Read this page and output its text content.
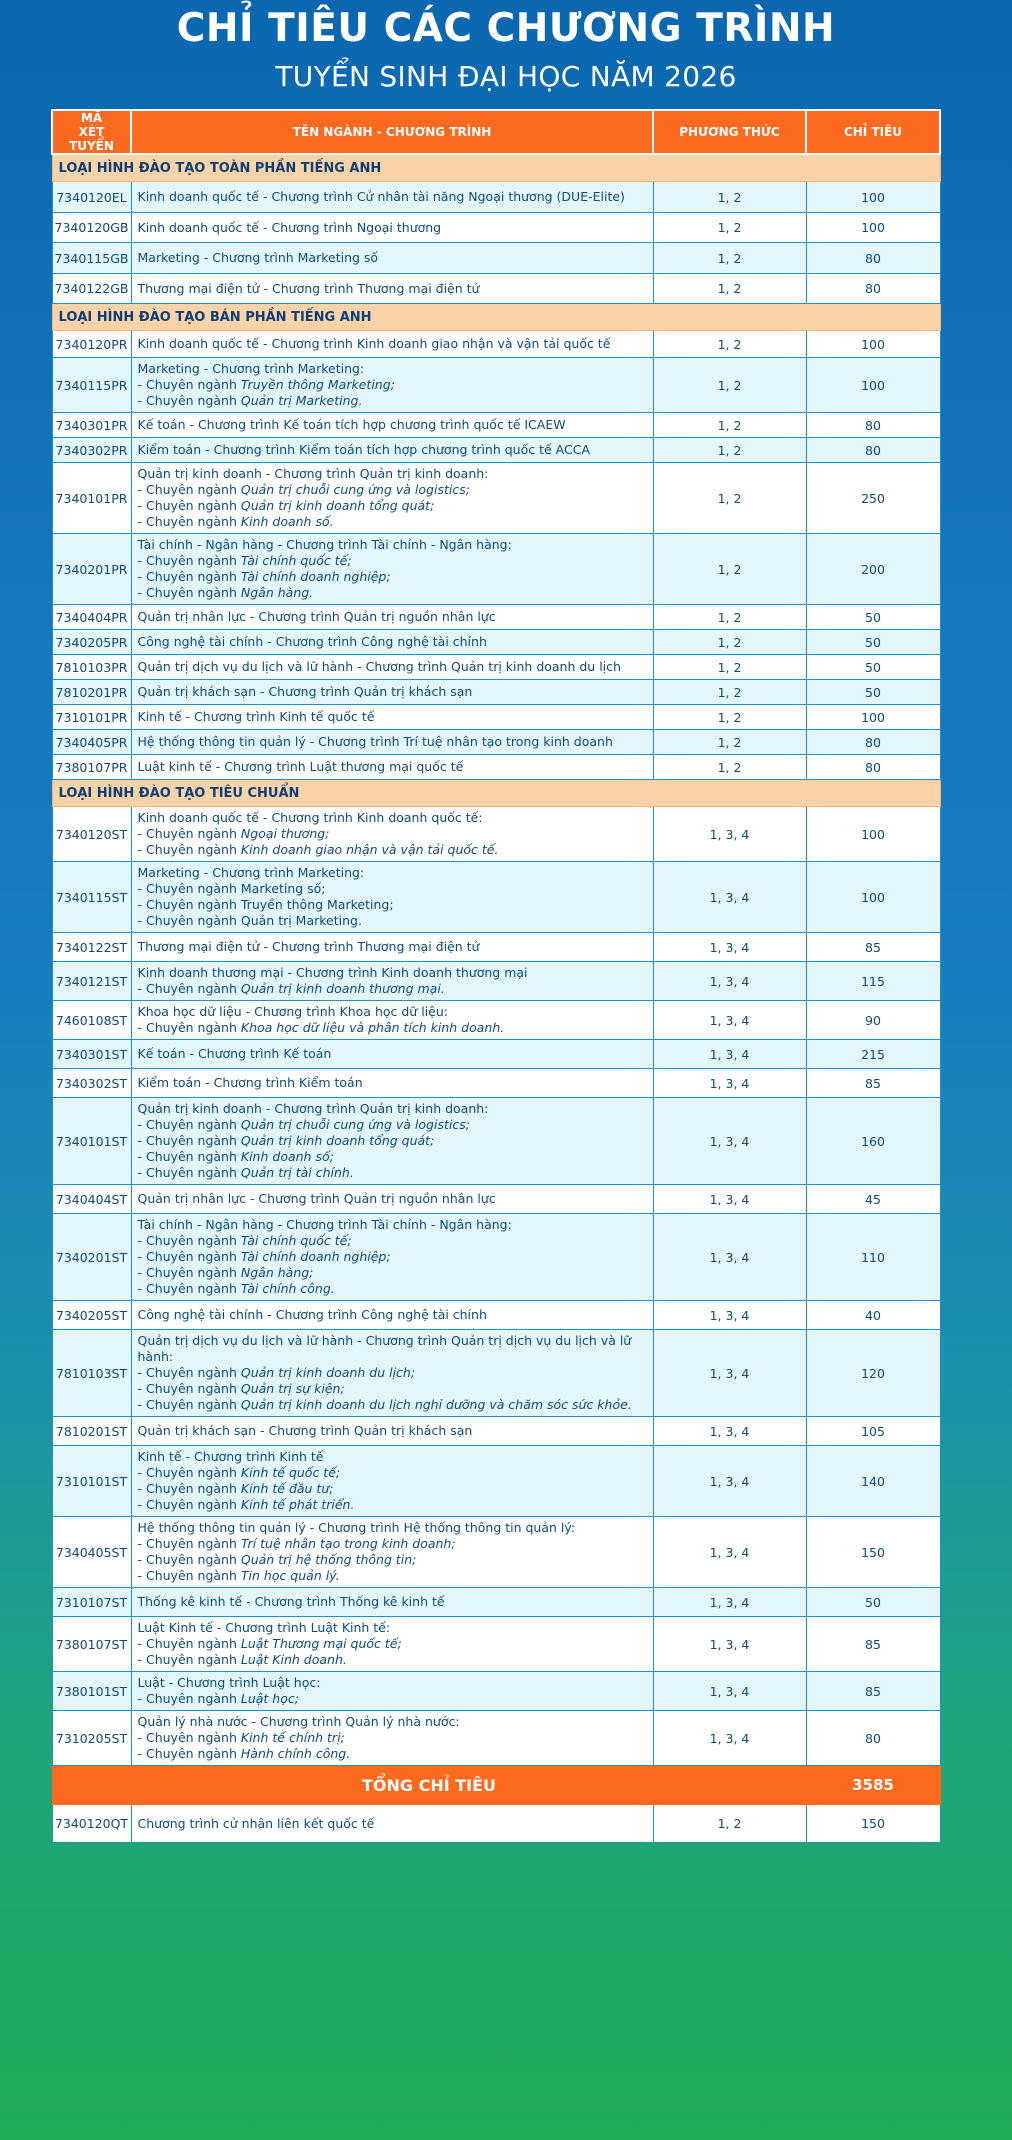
CHỈ TIÊU CÁC CHƯƠNG TRÌNH
TUYỂN SINH ĐẠI HỌC NĂM 2026
MÃ
XÉT TUYỂN	TÊN NGÀNH - CHƯƠNG TRÌNH	PHƯƠNG THỨC	CHỈ TIÊU
LOẠI HÌNH ĐÀO TẠO TOÀN PHẦN TIẾNG ANH			
7340120EL	Kinh doanh quốc tế - Chương trình Cử nhân tài năng Ngoại thương (DUE-Elite)	1, 2	100
7340120GB	Kinh doanh quốc tế - Chương trình Ngoại thương	1, 2	100
7340115GB	Marketing - Chương trình Marketing số	1, 2	80
7340122GB	Thương mại điện tử - Chương trình Thương mại điện tử	1, 2	80
LOẠI HÌNH ĐÀO TẠO BÁN PHẦN TIẾNG ANH			
7340120PR	Kinh doanh quốc tế - Chương trình Kinh doanh giao nhận và vận tải quốc tế	1, 2	100
7340115PR	Marketing - Chương trình Marketing:
- Chuyên ngành Truyền thông Marketing;
- Chuyên ngành Quản trị Marketing.	1, 2	100
7340301PR	Kế toán - Chương trình Kế toán tích hợp chương trình quốc tế ICAEW	1, 2	80
7340302PR	Kiểm toán - Chương trình Kiểm toán tích hợp chương trình quốc tế ACCA	1, 2	80
7340101PR	Quản trị kinh doanh - Chương trình Quản trị kinh doanh:
- Chuyên ngành Quản trị chuỗi cung ứng và logistics;
- Chuyên ngành Quản trị kinh doanh tổng quát;
- Chuyên ngành Kinh doanh số.	1, 2	250
7340201PR	Tài chính - Ngân hàng - Chương trình Tài chính - Ngân hàng:
- Chuyên ngành Tài chính quốc tế;
- Chuyên ngành Tài chính doanh nghiệp;
- Chuyên ngành Ngân hàng.	1, 2	200
7340404PR	Quản trị nhân lực - Chương trình Quản trị nguồn nhân lực	1, 2	50
7340205PR	Công nghệ tài chính - Chương trình Công nghệ tài chính	1, 2	50
7810103PR	Quản trị dịch vụ du lịch và lữ hành - Chương trình Quản trị kinh doanh du lịch	1, 2	50
7810201PR	Quản trị khách sạn - Chương trình Quản trị khách sạn	1, 2	50
7310101PR	Kinh tế - Chương trình Kinh tế quốc tế	1, 2	100
7340405PR	Hệ thống thông tin quản lý - Chương trình Trí tuệ nhân tạo trong kinh doanh	1, 2	80
7380107PR	Luật kinh tế - Chương trình Luật thương mại quốc tế	1, 2	80
LOẠI HÌNH ĐÀO TẠO TIÊU CHUẨN			
7340120ST	Kinh doanh quốc tế - Chương trình Kinh doanh quốc tế:
- Chuyên ngành Ngoại thương;
- Chuyên ngành Kinh doanh giao nhận và vận tải quốc tế.	1, 3, 4	100
7340115ST	Marketing - Chương trình Marketing:
- Chuyên ngành Marketing số;
- Chuyên ngành Truyền thông Marketing;
- Chuyên ngành Quản trị Marketing.	1, 3, 4	100
7340122ST	Thương mại điện tử - Chương trình Thương mại điện tử	1, 3, 4	85
7340121ST	Kinh doanh thương mại - Chương trình Kinh doanh thương mại
- Chuyên ngành Quản trị kinh doanh thương mại.	1, 3, 4	115
7460108ST	Khoa học dữ liệu - Chương trình Khoa học dữ liệu:
- Chuyên ngành Khoa học dữ liệu và phân tích kinh doanh.	1, 3, 4	90
7340301ST	Kế toán - Chương trình Kế toán	1, 3, 4	215
7340302ST	Kiểm toán - Chương trình Kiểm toán	1, 3, 4	85
7340101ST	Quản trị kinh doanh - Chương trình Quản trị kinh doanh:
- Chuyên ngành Quản trị chuỗi cung ứng và logistics;
- Chuyên ngành Quản trị kinh doanh tổng quát;
- Chuyên ngành Kinh doanh số;
- Chuyên ngành Quản trị tài chính.	1, 3, 4	160
7340404ST	Quản trị nhân lực - Chương trình Quản trị nguồn nhân lực	1, 3, 4	45
7340201ST	Tài chính - Ngân hàng - Chương trình Tài chính - Ngân hàng:
- Chuyên ngành Tài chính quốc tế;
- Chuyên ngành Tài chính doanh nghiệp;
- Chuyên ngành Ngân hàng;
- Chuyên ngành Tài chính công.	1, 3, 4	110
7340205ST	Công nghệ tài chính - Chương trình Công nghệ tài chính	1, 3, 4	40
7810103ST	Quản trị dịch vụ du lịch và lữ hành - Chương trình Quản trị dịch vụ du lịch và lữ hành:
- Chuyên ngành Quản trị kinh doanh du lịch;
- Chuyên ngành Quản trị sự kiện;
- Chuyên ngành Quản trị kinh doanh du lịch nghỉ dưỡng và chăm sóc sức khỏe.	1, 3, 4	120
7810201ST	Quản trị khách sạn - Chương trình Quản trị khách sạn	1, 3, 4	105
7310101ST	Kinh tế - Chương trình Kinh tế
- Chuyên ngành Kinh tế quốc tế;
- Chuyên ngành Kinh tế đầu tư;
- Chuyên ngành Kinh tế phát triển.	1, 3, 4	140
7340405ST	Hệ thống thông tin quản lý - Chương trình Hệ thống thông tin quản lý:
- Chuyên ngành Trí tuệ nhân tạo trong kinh doanh;
- Chuyên ngành Quản trị hệ thống thông tin;
- Chuyên ngành Tin học quản lý.	1, 3, 4	150
7310107ST	Thống kê kinh tế - Chương trình Thống kê kinh tế	1, 3, 4	50
7380107ST	Luật Kinh tế - Chương trình Luật Kinh tế:
- Chuyên ngành Luật Thương mại quốc tế;
- Chuyên ngành Luật Kinh doanh.	1, 3, 4	85
7380101ST	Luật - Chương trình Luật học:
- Chuyên ngành Luật học;	1, 3, 4	85
7310205ST	Quản lý nhà nước - Chương trình Quản lý nhà nước:
- Chuyên ngành Kinh tế chính trị;
- Chuyên ngành Hành chính công.	1, 3, 4	80
TỔNG CHỈ TIÊU			3585
7340120QT	Chương trình cử nhân liên kết quốc tế	1, 2	150
